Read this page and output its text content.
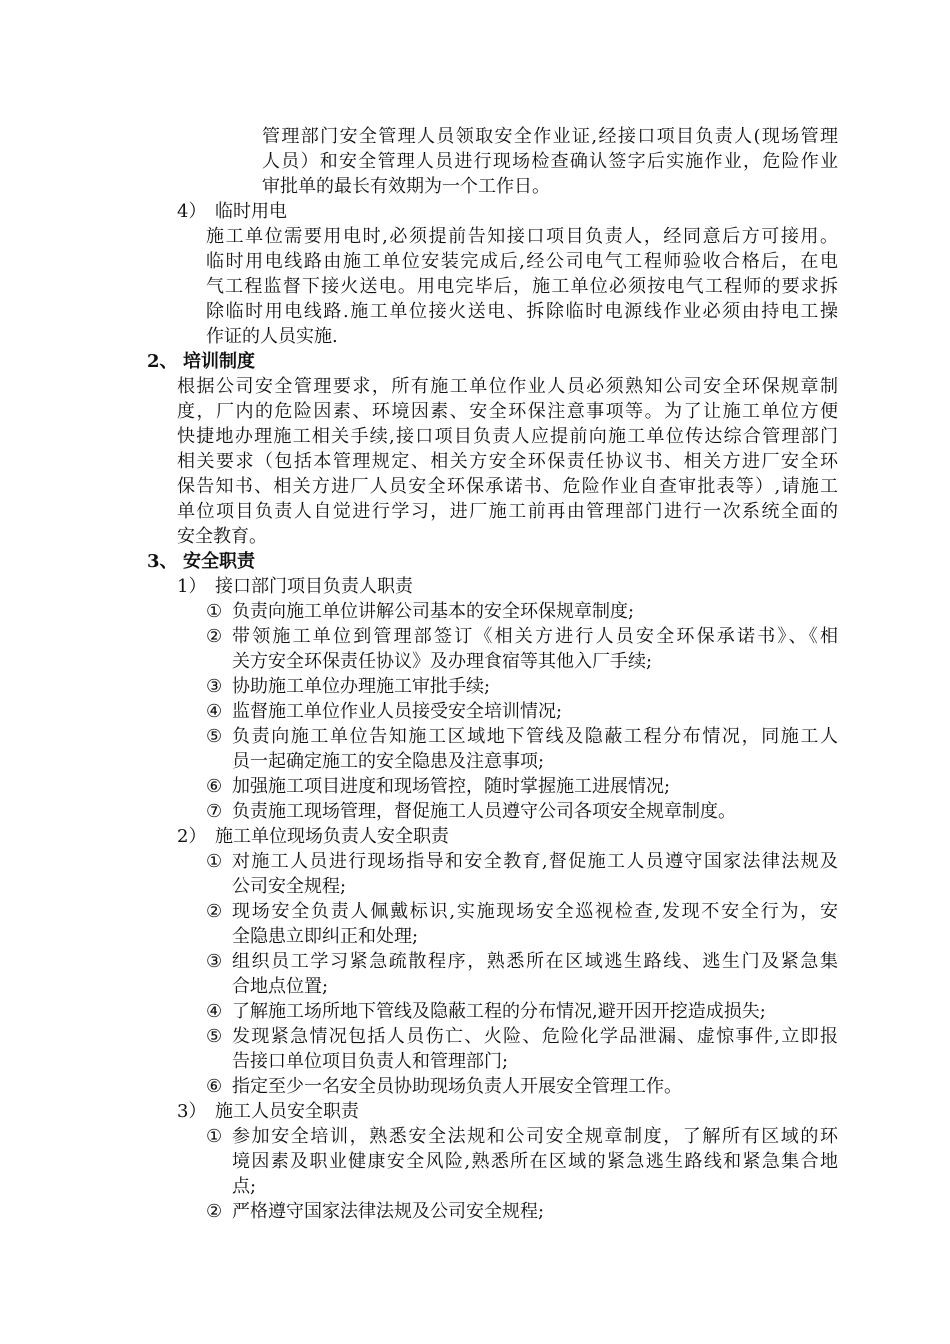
管理部门安全管理人员领取安全作业证,经接口项目负责人(现场管理
人员）和安全管理人员进行现场检查确认签字后实施作业，危险作业
审批单的最长有效期为一个工作日。
4） 临时用电
施工单位需要用电时,必须提前告知接口项目负责人，经同意后方可接用。
临时用电线路由施工单位安装完成后,经公司电气工程师验收合格后，在电
气工程监督下接火送电。用电完毕后，施工单位必须按电气工程师的要求拆
除临时用电线路.施工单位接火送电、拆除临时电源线作业必须由持电工操
作证的人员实施.
2、 培训制度
根据公司安全管理要求，所有施工单位作业人员必须熟知公司安全环保规章制
度，厂内的危险因素、环境因素、安全环保注意事项等。为了让施工单位方便
快捷地办理施工相关手续,接口项目负责人应提前向施工单位传达综合管理部门
相关要求（包括本管理规定、相关方安全环保责任协议书、相关方进厂安全环
保告知书、相关方进厂人员安全环保承诺书、危险作业自查审批表等）,请施工
单位项目负责人自觉进行学习，进厂施工前再由管理部门进行一次系统全面的
安全教育。
3、 安全职责
1） 接口部门项目负责人职责
① 负责向施工单位讲解公司基本的安全环保规章制度;
② 带领施工单位到管理部签订《相关方进行人员安全环保承诺书》、《相
关方安全环保责任协议》及办理食宿等其他入厂手续;
③ 协助施工单位办理施工审批手续;
④ 监督施工单位作业人员接受安全培训情况;
⑤ 负责向施工单位告知施工区域地下管线及隐蔽工程分布情况，同施工人
员一起确定施工的安全隐患及注意事项;
⑥ 加强施工项目进度和现场管控，随时掌握施工进展情况;
⑦ 负责施工现场管理，督促施工人员遵守公司各项安全规章制度。
2） 施工单位现场负责人安全职责
① 对施工人员进行现场指导和安全教育,督促施工人员遵守国家法律法规及
公司安全规程;
② 现场安全负责人佩戴标识,实施现场安全巡视检查,发现不安全行为，安
全隐患立即纠正和处理;
③ 组织员工学习紧急疏散程序，熟悉所在区域逃生路线、逃生门及紧急集
合地点位置;
④ 了解施工场所地下管线及隐蔽工程的分布情况,避开因开挖造成损失;
⑤ 发现紧急情况包括人员伤亡、火险、危险化学品泄漏、虚惊事件,立即报
告接口单位项目负责人和管理部门;
⑥ 指定至少一名安全员协助现场负责人开展安全管理工作。
3） 施工人员安全职责
① 参加安全培训，熟悉安全法规和公司安全规章制度，了解所有区域的环
境因素及职业健康安全风险,熟悉所在区域的紧急逃生路线和紧急集合地
点;
② 严格遵守国家法律法规及公司安全规程;
